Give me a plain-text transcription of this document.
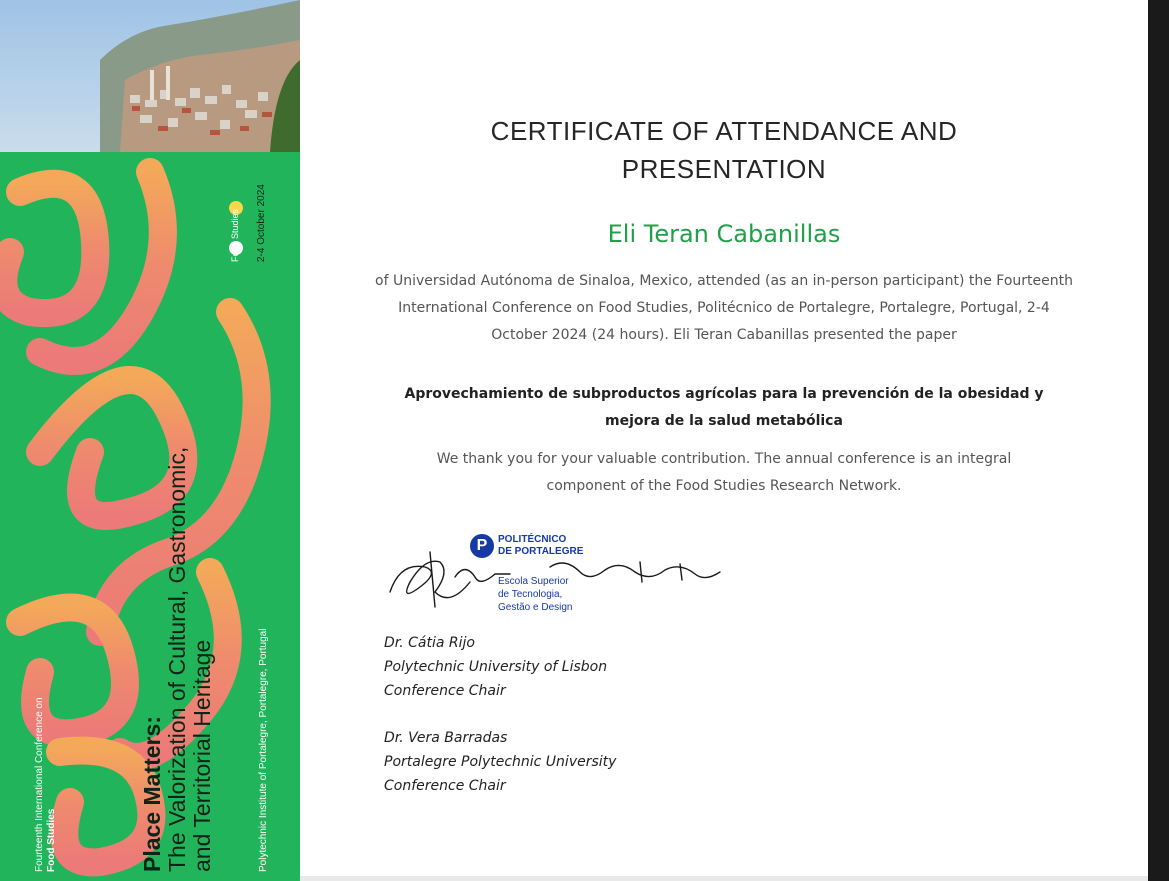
Fourteenth International Conference on Food Studies	Place Matters: The Valorization of Cultural, Gastronomic, and Territorial Heritage	Polytechnic Institute of Portalegre, Portalegre, Portugal
2-4 October 2024
Food Studies
CERTIFICATE OF ATTENDANCE AND
PRESENTATION
Eli Teran Cabanillas
of Universidad Autónoma de Sinaloa, Mexico, attended (as an in-person participant) the Fourteenth International Conference on Food Studies, Politécnico de Portalegre, Portalegre, Portugal, 2-4 October 2024 (24 hours). Eli Teran Cabanillas presented the paper
Aprovechamiento de subproductos agrícolas para la prevención de la obesidad y mejora de la salud metabólica
We thank you for your valuable contribution. The annual conference is an integral component of the Food Studies Research Network.
P	POLITÉCNICO
DE PORTALEGRE
Escola Superior
de Tecnologia,
Gestão e Design
Dr. Cátia Rijo
Polytechnic University of Lisbon
Conference Chair
Dr. Vera Barradas
Portalegre Polytechnic University
Conference Chair
